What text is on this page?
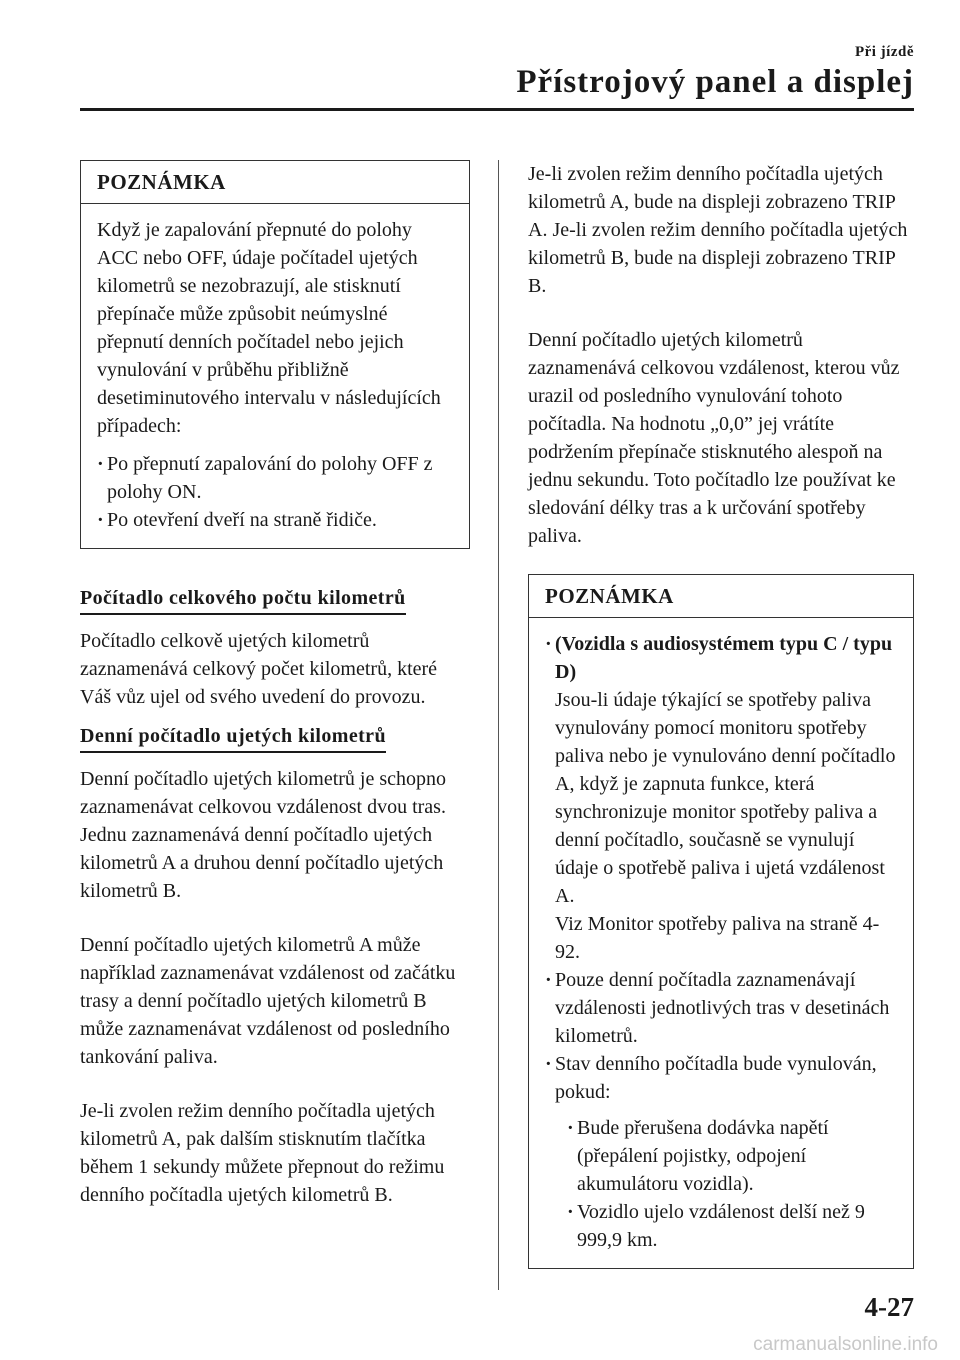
Při jízdě
Přístrojový panel a displej
POZNÁMKA

Když je zapalování přepnuté do polohy ACC nebo OFF, údaje počítadel ujetých kilometrů se nezobrazují, ale stisknutí přepínače může způsobit neúmyslné přepnutí denních počítadel nebo jejich vynulování v průběhu přibližně desetiminutového intervalu v následujících případech:

· Po přepnutí zapalování do polohy OFF z polohy ON.
· Po otevření dveří na straně řidiče.
Počítadlo celkového počtu kilometrů

Počítadlo celkově ujetých kilometrů zaznamenává celkový počet kilometrů, které Váš vůz ujel od svého uvedení do provozu.

Denní počítadlo ujetých kilometrů

Denní počítadlo ujetých kilometrů je schopno zaznamenávat celkovou vzdálenost dvou tras. Jednu zaznamenává denní počítadlo ujetých kilometrů A a druhou denní počítadlo ujetých kilometrů B.

Denní počítadlo ujetých kilometrů A může například zaznamenávat vzdálenost od začátku trasy a denní počítadlo ujetých kilometrů B může zaznamenávat vzdálenost od posledního tankování paliva.

Je-li zvolen režim denního počítadla ujetých kilometrů A, pak dalším stisknutím tlačítka během 1 sekundy můžete přepnout do režimu denního počítadla ujetých kilometrů B.

Je-li zvolen režim denního počítadla ujetých kilometrů A, bude na displeji zobrazeno TRIP A. Je-li zvolen režim denního počítadla ujetých kilometrů B, bude na displeji zobrazeno TRIP B.

Denní počítadlo ujetých kilometrů zaznamenává celkovou vzdálenost, kterou vůz urazil od posledního vynulování tohoto počítadla. Na hodnotu „0,0” jej vrátíte podržením přepínače stisknutého alespoň na jednu sekundu. Toto počítadlo lze používat ke sledování délky tras a k určování spotřeby paliva.

POZNÁMKA
· (Vozidla s audiosystémem typu C / typu D)
Jsou-li údaje týkající se spotřeby paliva vynulovány pomocí monitoru spotřeby paliva nebo je vynulováno denní počítadlo A, když je zapnuta funkce, která synchronizuje monitor spotřeby paliva a denní počítadlo, současně se vynulují údaje o spotřebě paliva i ujetá vzdálenost A.
Viz Monitor spotřeby paliva na straně 4-92.
· Pouze denní počítadla zaznamenávají vzdálenosti jednotlivých tras v desetinách kilometrů.
· Stav denního počítadla bude vynulován, pokud:
· Bude přerušena dodávka napětí (přepálení pojistky, odpojení akumulátoru vozidla).
· Vozidlo ujelo vzdálenost delší než 9 999,9 km.
4-27
carmanualsonline.info
